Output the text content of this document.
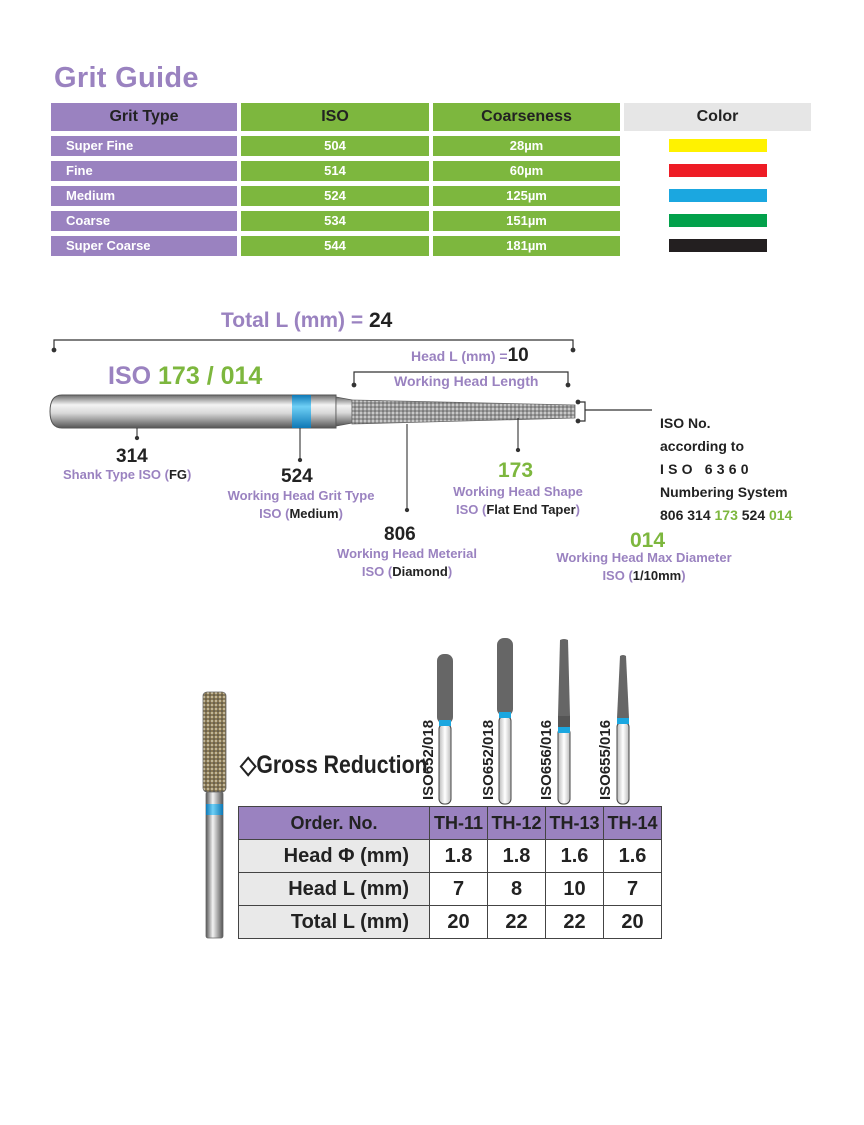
Grit Guide
Grit Type	ISO	Coarseness	Color
Super Fine	504	28µm
Fine	514	60µm
Medium	524	125µm
Coarse	534	151µm
Super Coarse	544	181µm
Total L (mm) = 24
Head L (mm) =10
Working Head Length
ISO 173 / 014
314
Shank Type ISO (FG)	524
Working Head Grit Type
ISO (Medium)
806
Working Head Meterial
ISO (Diamond)
173
Working Head Shape
ISO (Flat End Taper)
014
Working Head Max Diameter
ISO (1/10mm)
ISO No.
according to
ISO 6360
Numbering System
806 314 173 524 014
◇Gross Reduction
ISO652/018	ISO652/018	ISO656/016	ISO655/016
Order. No.	TH-11	TH-12	TH-13	TH-14
Head Φ (mm)	1.8	1.8	1.6	1.6
Head L (mm)	7	8	10	7
Total L (mm)	20	22	22	20
